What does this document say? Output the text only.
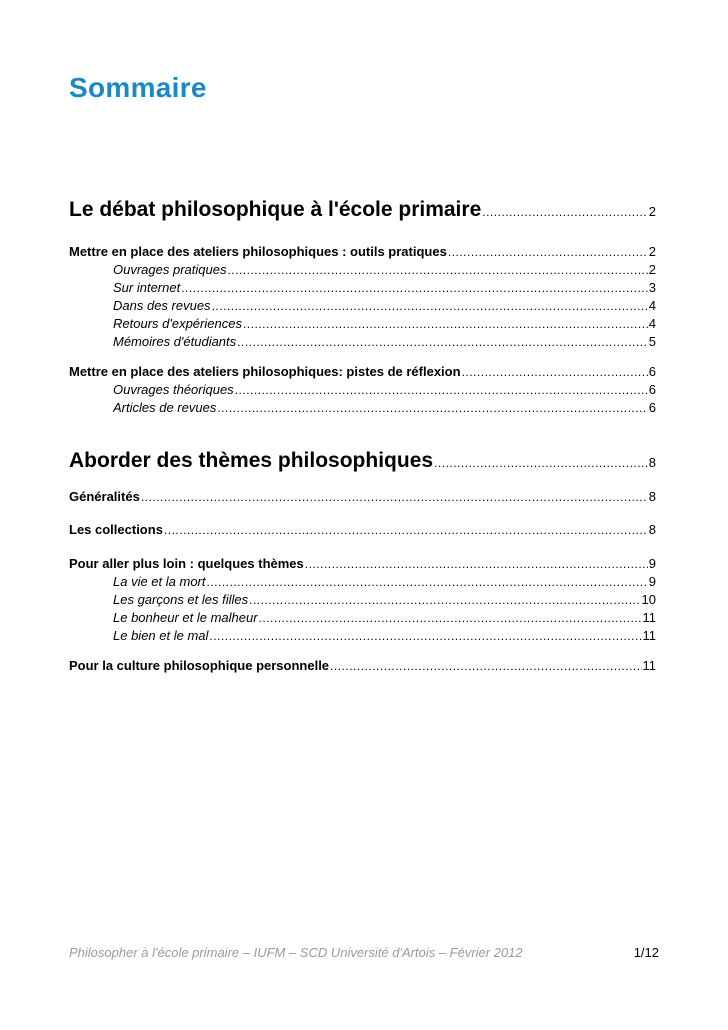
Sommaire
Le débat philosophique à l'école primaire .....	2
Mettre en place des ateliers philosophiques : outils pratiques .....	2
Ouvrages pratiques .....	2
Sur internet .....	3
Dans des revues .....	4
Retours d'expériences .....	4
Mémoires d'étudiants .....	5
Mettre en place des ateliers philosophiques: pistes de réflexion .....	6
Ouvrages théoriques .....	6
Articles de revues .....	6
Aborder des thèmes philosophiques .....	8
Généralités .....	8
Les collections .....	8
Pour aller plus loin : quelques thèmes .....	9
La vie et la mort .....	9
Les garçons et les filles .....	10
Le bonheur et le malheur .....	11
Le bien et le mal .....	11
Pour la culture philosophique personnelle .....	11
Philosopher à l'école primaire – IUFM – SCD Université d'Artois – Février 2012	1/12
